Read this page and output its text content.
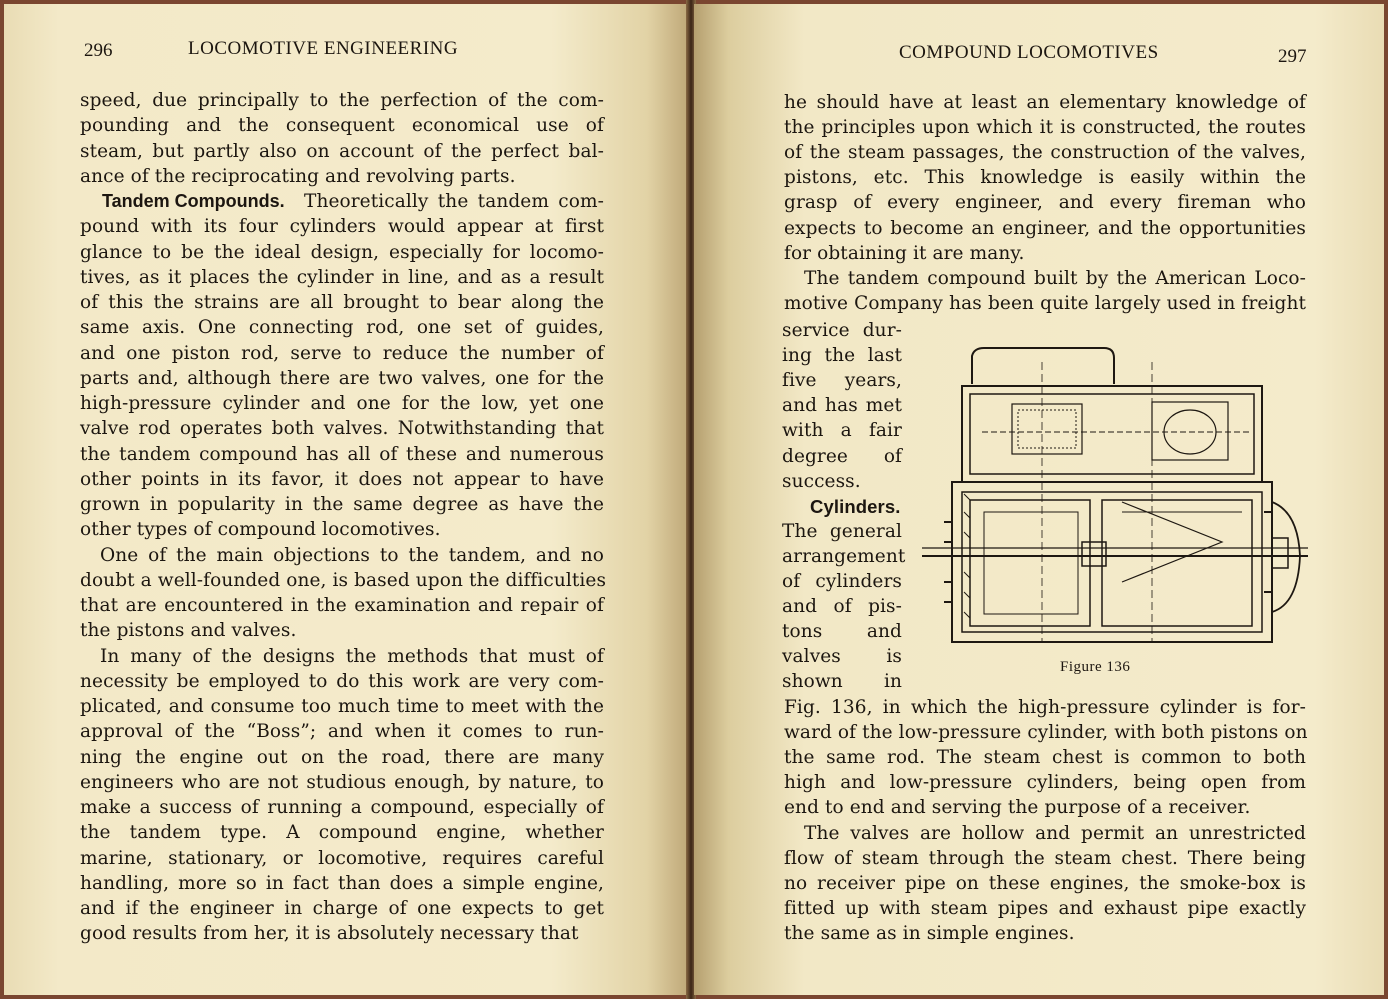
296	LOCOMOTIVE ENGINEERING
speed, due principally to the perfection of the com-
pounding and the consequent economical use of
steam, but partly also on account of the perfect bal-
ance of the reciprocating and revolving parts.
Tandem Compounds. Theoretically the tandem com-
pound with its four cylinders would appear at first
glance to be the ideal design, especially for locomo-
tives, as it places the cylinder in line, and as a result
of this the strains are all brought to bear along the
same axis. One connecting rod, one set of guides,
and one piston rod, serve to reduce the number of
parts and, although there are two valves, one for the
high-pressure cylinder and one for the low, yet one
valve rod operates both valves. Notwithstanding that
the tandem compound has all of these and numerous
other points in its favor, it does not appear to have
grown in popularity in the same degree as have the
other types of compound locomotives.
One of the main objections to the tandem, and no
doubt a well-founded one, is based upon the difficulties
that are encountered in the examination and repair of
the pistons and valves.
In many of the designs the methods that must of
necessity be employed to do this work are very com-
plicated, and consume too much time to meet with the
approval of the “Boss”; and when it comes to run-
ning the engine out on the road, there are many
engineers who are not studious enough, by nature, to
make a success of running a compound, especially of
the tandem type. A compound engine, whether
marine, stationary, or locomotive, requires careful
handling, more so in fact than does a simple engine,
and if the engineer in charge of one expects to get
good results from her, it is absolutely necessary that
COMPOUND LOCOMOTIVES	297
he should have at least an elementary knowledge of
the principles upon which it is constructed, the routes
of the steam passages, the construction of the valves,
pistons, etc. This knowledge is easily within the
grasp of every engineer, and every fireman who
expects to become an engineer, and the opportunities
for obtaining it are many.
The tandem compound built by the American Loco-
motive Company has been quite largely used in freight
service dur-
ing the last
five years,
and has met
with a fair
degree of
success.
Cylinders.
The general
arrangement
of cylinders
and of pis-
tons and
valves is
shown in
Fig. 136, in which the high-pressure cylinder is for-
ward of the low-pressure cylinder, with both pistons on
the same rod. The steam chest is common to both
high and low-pressure cylinders, being open from
end to end and serving the purpose of a receiver.
The valves are hollow and permit an unrestricted
flow of steam through the steam chest. There being
no receiver pipe on these engines, the smoke-box is
fitted up with steam pipes and exhaust pipe exactly
the same as in simple engines.
Figure 136
